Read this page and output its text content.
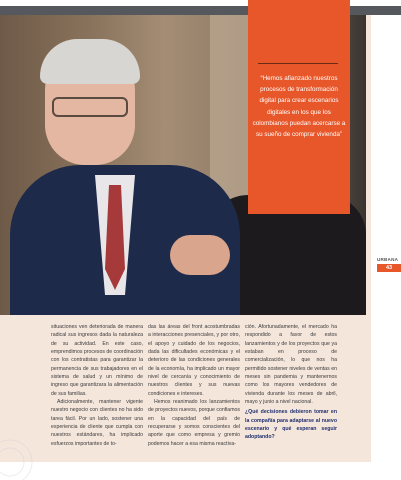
“Hemos afianzado nuestros procesos de transformación digital para crear escenarios digitales en los que los colombianos puedan acercarse a su sueño de comprar vivienda”
URBANA
43

situaciones ven deteriorada de manera radical sus ingresos dada la naturaleza de su actividad. En este caso, emprendimos procesos de coordinación con los contratistas para garantizar la permanencia de sus trabajadores en el sistema de salud y un mínimo de ingreso que garantizara la alimentación de sus familias.

Adicionalmente, mantener vigente nuestro negocio con clientes no ha sido tarea fácil. Por un lado, sostener una experiencia de cliente que cumpla con nuestros estándares, ha implicado esfuerzos importantes de to-

das las áreas del front acostumbradas a interacciones presenciales, y por otro, el apoyo y cuidado de los negocios, dada las dificultades económicas y el deterioro de las condiciones generales de la economía, ha implicado un mayor nivel de cercanía y conocimiento de nuestros clientes y sus nuevas condiciones e intereses.

Hemos reanimado los lanzamientos de proyectos nuevos, porque confiamos en la capacidad del país de recuperarse y somos conscientes del aporte que como empresa y gremio podemos hacer a esa misma reactiva-

ción. Afortunadamente, el mercado ha respondido a favor de estos lanzamientos y de los proyectos que ya estaban en proceso de comercialización, lo que nos ha permitido sostener niveles de ventas en meses sin pandemia y mantenernos como los mayores vendedores de vivienda durante los meses de abril, mayo y junio a nivel nacional.

¿Qué decisiones debieron tomar en la compañía para adaptarse al nuevo escenario y qué esperan seguir adoptando?
